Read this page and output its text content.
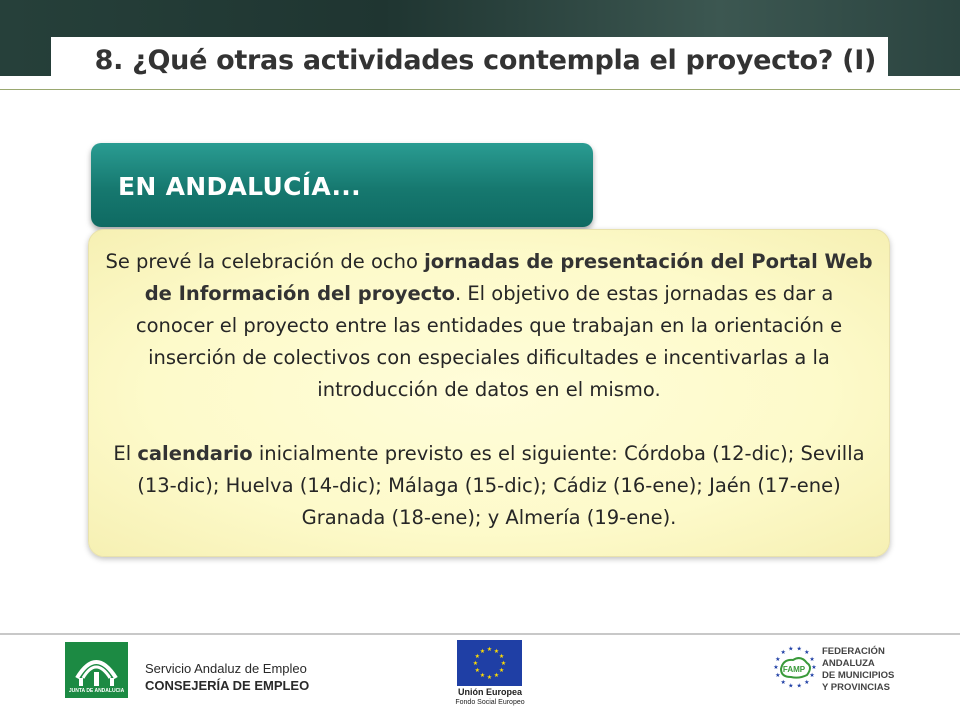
8. ¿Qué otras actividades contempla el proyecto? (I)
EN ANDALUCÍA...

Se prevé la celebración de ocho jornadas de presentación del Portal Web de Información del proyecto. El objetivo de estas jornadas es dar a conocer el proyecto entre las entidades que trabajan en la orientación e inserción de colectivos con especiales dificultades e incentivarlas a la introducción de datos en el mismo.

El calendario inicialmente previsto es el siguiente: Córdoba (12-dic); Sevilla (13-dic); Huelva (14-dic); Málaga (15-dic); Cádiz (16-ene); Jaén (17-ene) Granada (18-ene); y Almería (19-ene).

JUNTA DE ANDALUCIA
Servicio Andaluz de Empleo
CONSEJERÍA DE EMPLEO
★ ★
★
★
★
★
★
★
★
★
★
★
Unión Europea
Fondo Social Europeo
FAMP ★
★
★
★
★
★
★
★
★
★
★ ★
★
★
FEDERACIÓN
ANDALUZA
DE MUNICIPIOS
Y PROVINCIAS
